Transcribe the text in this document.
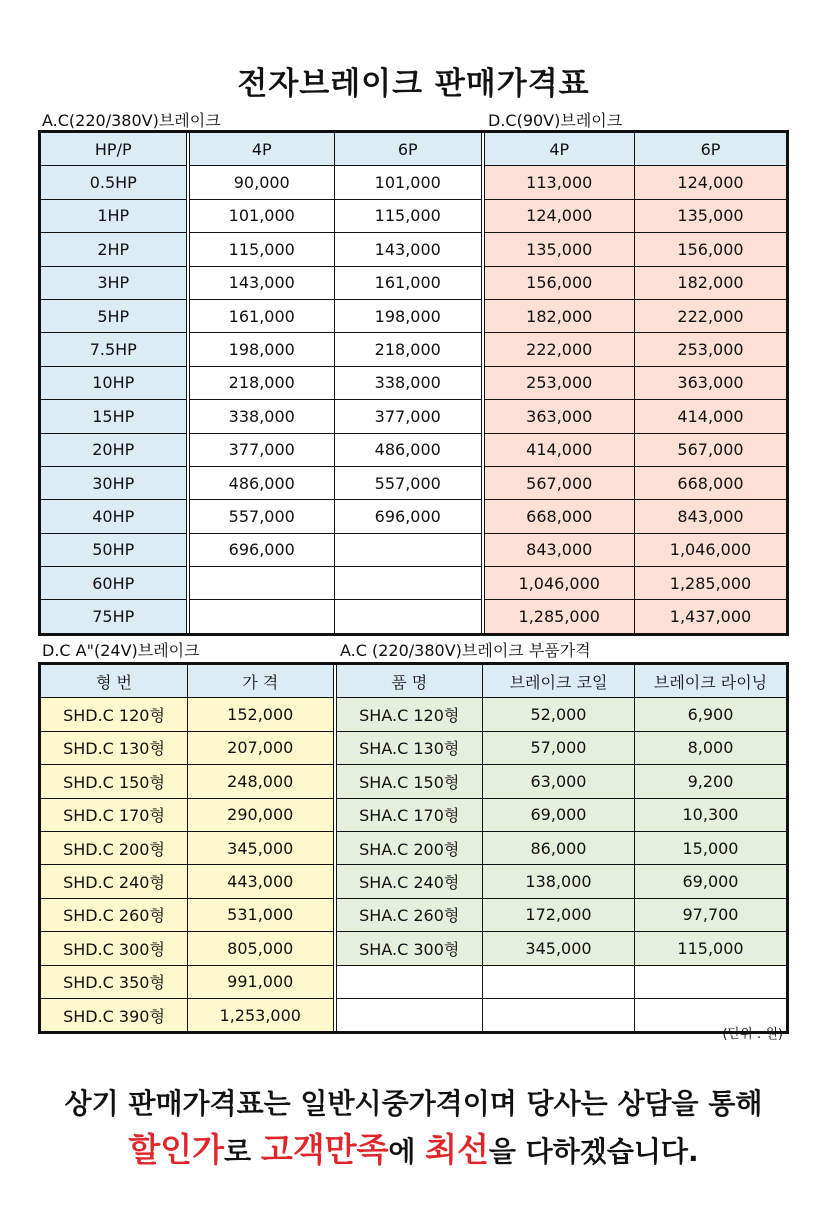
전자브레이크 판매가격표
A.C(220/380V)브레이크	D.C(90V)브레이크
HP/P	4P	6P	4P	6P
0.5HP	90,000	101,000	113,000	124,000
1HP	101,000	115,000	124,000	135,000
2HP	115,000	143,000	135,000	156,000
3HP	143,000	161,000	156,000	182,000
5HP	161,000	198,000	182,000	222,000
7.5HP	198,000	218,000	222,000	253,000
10HP	218,000	338,000	253,000	363,000
15HP	338,000	377,000	363,000	414,000
20HP	377,000	486,000	414,000	567,000
30HP	486,000	557,000	567,000	668,000
40HP	557,000	696,000	668,000	843,000
50HP	696,000		843,000	1,046,000
60HP			1,046,000	1,285,000
75HP			1,285,000	1,437,000
D.C A"(24V)브레이크	A.C (220/380V)브레이크 부품가격
형 번	가 격	품 명	브레이크 코일	브레이크 라이닝
SHD.C 120형	152,000	SHA.C 120형	52,000	6,900
SHD.C 130형	207,000	SHA.C 130형	57,000	8,000
SHD.C 150형	248,000	SHA.C 150형	63,000	9,200
SHD.C 170형	290,000	SHA.C 170형	69,000	10,300
SHD.C 200형	345,000	SHA.C 200형	86,000	15,000
SHD.C 240형	443,000	SHA.C 240형	138,000	69,000
SHD.C 260형	531,000	SHA.C 260형	172,000	97,700
SHD.C 300형	805,000	SHA.C 300형	345,000	115,000
SHD.C 350형	991,000			
SHD.C 390형	1,253,000			
(단위 : 원)
상기 판매가격표는 일반시중가격이며 당사는 상담을 통해
할인가로 고객만족에 최선을 다하겠습니다.
